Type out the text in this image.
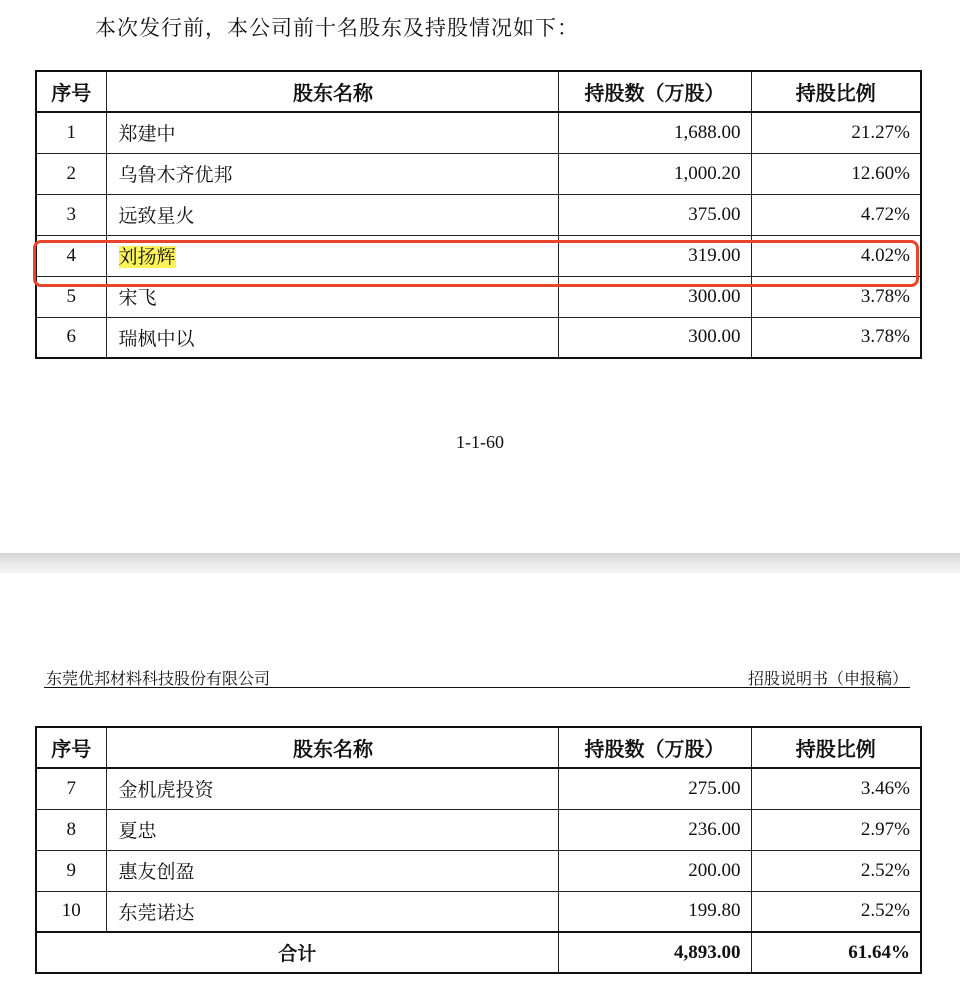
本次发行前，本公司前十名股东及持股情况如下：
序号	股东名称	持股数（万股）	持股比例
1	郑建中	1,688.00	21.27%
2	乌鲁木齐优邦	1,000.20	12.60%
3	远致星火	375.00	4.72%
4	刘扬辉	319.00	4.02%
5	宋飞	300.00	3.78%
6	瑞枫中以	300.00	3.78%
1-1-60
东莞优邦材料科技股份有限公司	招股说明书（申报稿）
序号	股东名称	持股数（万股）	持股比例
7	金机虎投资	275.00	3.46%
8	夏忠	236.00	2.97%
9	惠友创盈	200.00	2.52%
10	东莞诺达	199.80	2.52%
合计		4,893.00	61.64%
